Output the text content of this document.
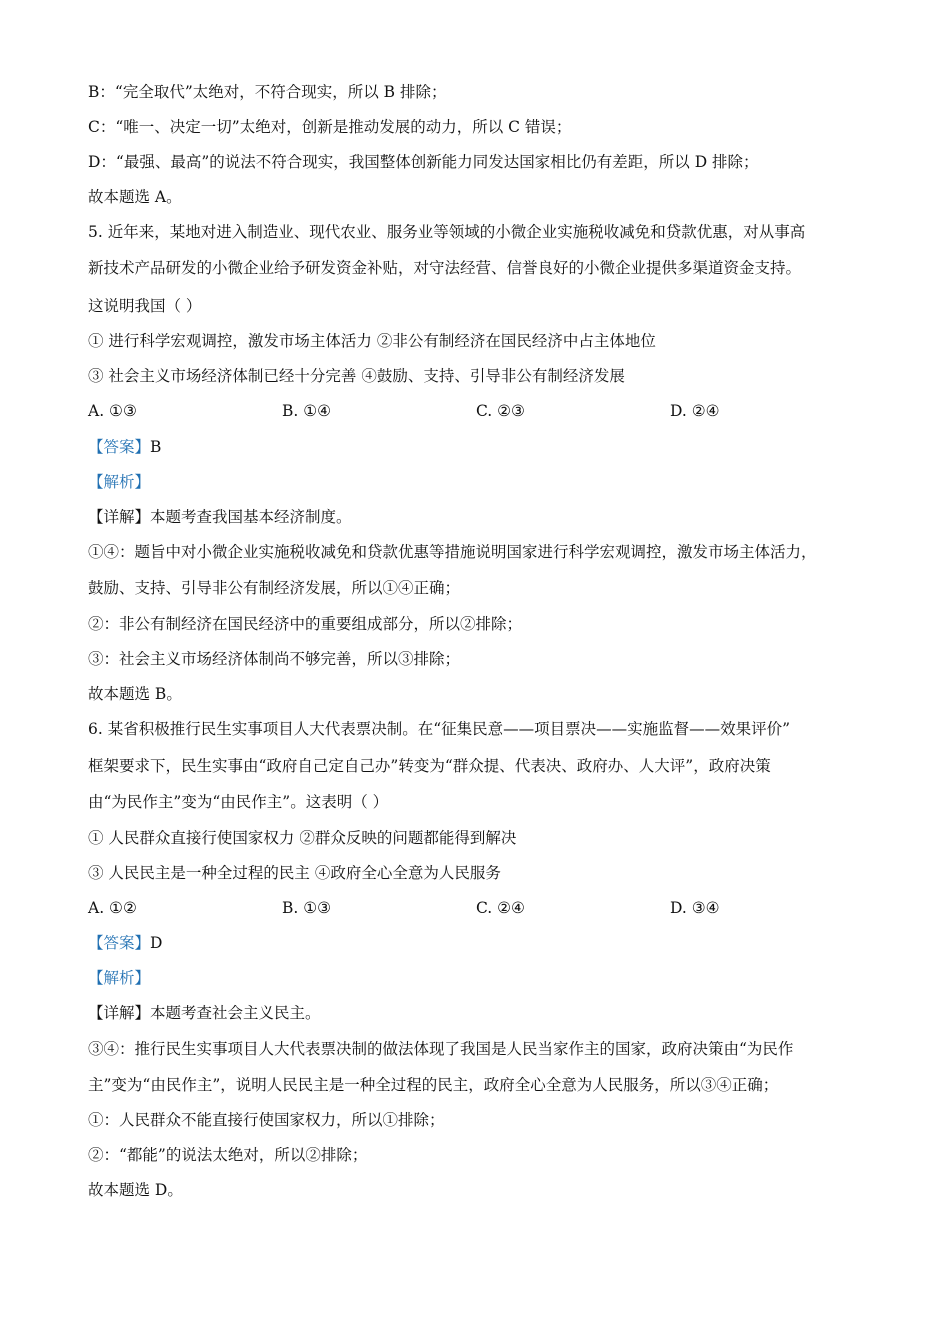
B：“完全取代”太绝对，不符合现实，所以 B 排除；
C：“唯一、决定一切”太绝对，创新是推动发展的动力，所以 C 错误；
D：“最强、最高”的说法不符合现实，我国整体创新能力同发达国家相比仍有差距，所以 D 排除；
故本题选 A。
5. 近年来，某地对进入制造业、现代农业、服务业等领域的小微企业实施税收减免和贷款优惠，对从事高
新技术产品研发的小微企业给予研发资金补贴，对守法经营、信誉良好的小微企业提供多渠道资金支持。
这说明我国（ ）
① 进行科学宏观调控，激发市场主体活力 ②非公有制经济在国民经济中占主体地位
③ 社会主义市场经济体制已经十分完善 ④鼓励、支持、引导非公有制经济发展
A. ①③	B. ①④	C. ②③	D. ②④
【答案】B
【解析】
【详解】本题考查我国基本经济制度。
①④：题旨中对小微企业实施税收减免和贷款优惠等措施说明国家进行科学宏观调控，激发市场主体活力，
鼓励、支持、引导非公有制经济发展，所以①④正确；
②：非公有制经济在国民经济中的重要组成部分，所以②排除；
③：社会主义市场经济体制尚不够完善，所以③排除；
故本题选 B。
6. 某省积极推行民生实事项目人大代表票决制。在“征集民意——项目票决——实施监督——效果评价”
框架要求下，民生实事由“政府自己定自己办”转变为“群众提、代表决、政府办、人大评”，政府决策
由“为民作主”变为“由民作主”。这表明（ ）
① 人民群众直接行使国家权力 ②群众反映的问题都能得到解决
③ 人民民主是一种全过程的民主 ④政府全心全意为人民服务
A. ①②	B. ①③	C. ②④	D. ③④
【答案】D
【解析】
【详解】本题考查社会主义民主。
③④：推行民生实事项目人大代表票决制的做法体现了我国是人民当家作主的国家，政府决策由“为民作
主”变为“由民作主”，说明人民民主是一种全过程的民主，政府全心全意为人民服务，所以③④正确；
①：人民群众不能直接行使国家权力，所以①排除；
②：“都能”的说法太绝对，所以②排除；
故本题选 D。
